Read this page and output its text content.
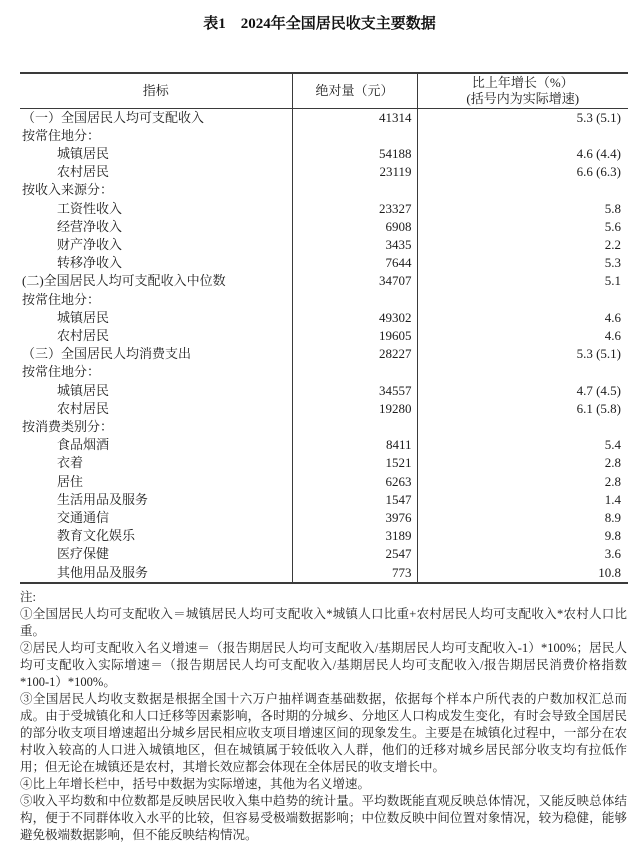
表1　2024年全国居民收支主要数据
指标	绝对量（元）	比上年增长（%）
(括号内为实际增速)

（一）全国居民人均可支配收入	41314	5.3 (5.1)
按常住地分：		
城镇居民	54188	4.6 (4.4)
农村居民	23119	6.6 (6.3)
按收入来源分：		
工资性收入	23327	5.8
经营净收入	6908	5.6
财产净收入	3435	2.2
转移净收入	7644	5.3
(二)全国居民人均可支配收入中位数	34707	5.1
按常住地分：		
城镇居民	49302	4.6
农村居民	19605	4.6
（三）全国居民人均消费支出	28227	5.3 (5.1)
按常住地分：		
城镇居民	34557	4.7 (4.5)
农村居民	19280	6.1 (5.8)
按消费类别分：		
食品烟酒	8411	5.4
衣着	1521	2.8
居住	6263	2.8
生活用品及服务	1547	1.4
交通通信	3976	8.9
教育文化娱乐	3189	9.8
医疗保健	2547	3.6
其他用品及服务	773	10.8

注:

①全国居民人均可支配收入＝城镇居民人均可支配收入*城镇人口比重+农村居民人均可支配收入*农村人口比重。

②居民人均可支配收入名义增速＝（报告期居民人均可支配收入/基期居民人均可支配收入-1）*100%；居民人均可支配收入实际增速＝（报告期居民人均可支配收入/基期居民人均可支配收入/报告期居民消费价格指数*100-1）*100%。

③全国居民人均收支数据是根据全国十六万户抽样调查基础数据，依据每个样本户所代表的户数加权汇总而成。由于受城镇化和人口迁移等因素影响，各时期的分城乡、分地区人口构成发生变化，有时会导致全国居民的部分收支项目增速超出分城乡居民相应收支项目增速区间的现象发生。主要是在城镇化过程中，一部分在农村收入较高的人口进入城镇地区，但在城镇属于较低收入人群，他们的迁移对城乡居民部分收支均有拉低作用；但无论在城镇还是农村，其增长效应都会体现在全体居民的收支增长中。

④比上年增长栏中，括号中数据为实际增速，其他为名义增速。

⑤收入平均数和中位数都是反映居民收入集中趋势的统计量。平均数既能直观反映总体情况，又能反映总体结构，便于不同群体收入水平的比较，但容易受极端数据影响；中位数反映中间位置对象情况，较为稳健，能够避免极端数据影响，但不能反映结构情况。
